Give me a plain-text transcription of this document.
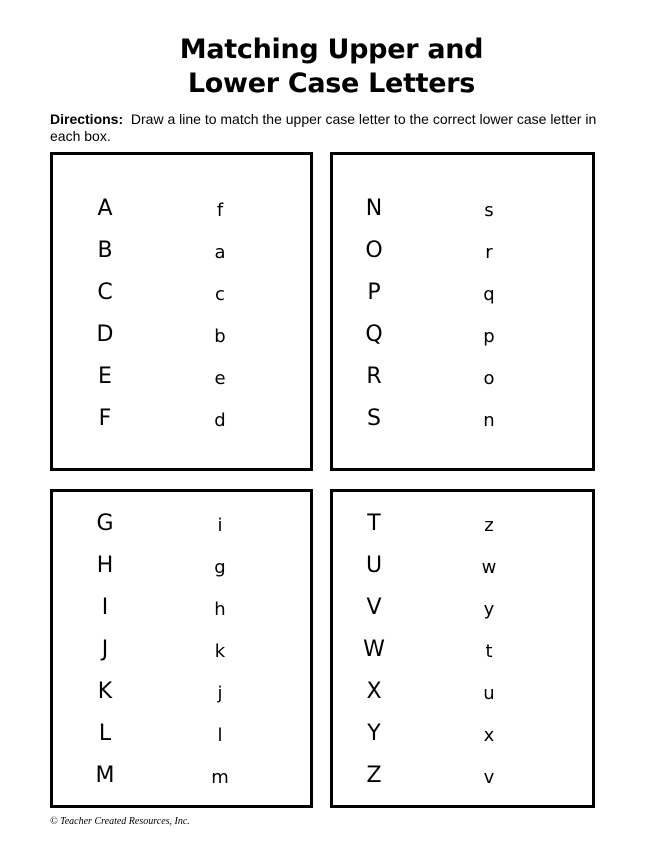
Matching Upper and
Lower Case Letters
Directions: Draw a line to match the upper case letter to the correct lower case letter in each box.
A
B
C
D
E
F
f
a
c
b
e
d
N
O
P
Q
R
S
s
r
q
p
o
n
G
H
I
J
K
L
M
i
g
h
k
j
l
m
T
U
V
W
X
Y
Z
z
w
y
t
u
x
v
© Teacher Created Resources, Inc.
